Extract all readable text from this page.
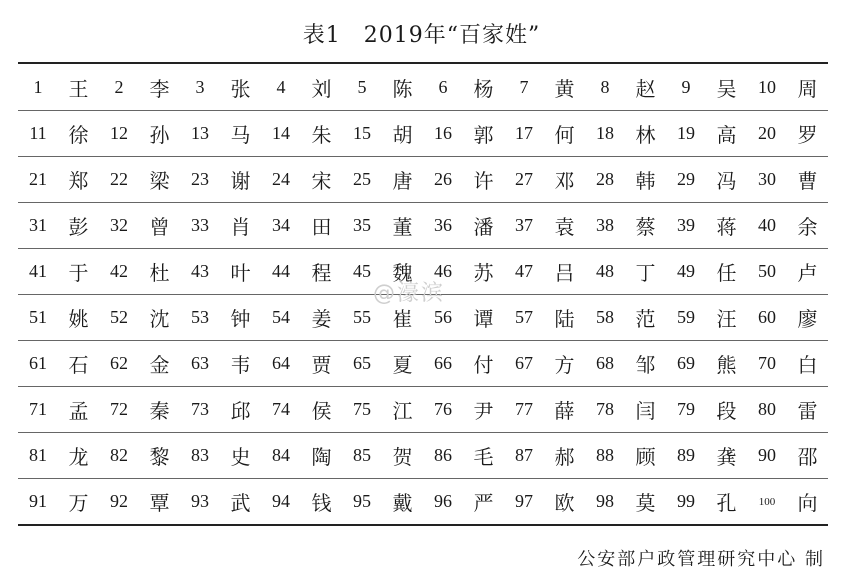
表1　2019年“百家姓”
1	王	2	李	3	张	4	刘	5	陈	6	杨	7	黄	8	赵	9	吴	10	周
11	徐	12	孙	13	马	14	朱	15	胡	16	郭	17	何	18	林	19	高	20	罗
21	郑	22	梁	23	谢	24	宋	25	唐	26	许	27	邓	28	韩	29	冯	30	曹
31	彭	32	曾	33	肖	34	田	35	董	36	潘	37	袁	38	蔡	39	蒋	40	余
41	于	42	杜	43	叶	44	程	45	魏	46	苏	47	吕	48	丁	49	任	50	卢
51	姚	52	沈	53	钟	54	姜	55	崔	56	谭	57	陆	58	范	59	汪	60	廖
61	石	62	金	63	韦	64	贾	65	夏	66	付	67	方	68	邹	69	熊	70	白
71	孟	72	秦	73	邱	74	侯	75	江	76	尹	77	薛	78	闫	79	段	80	雷
81	龙	82	黎	83	史	84	陶	85	贺	86	毛	87	郝	88	顾	89	龚	90	邵
91	万	92	覃	93	武	94	钱	95	戴	96	严	97	欧	98	莫	99	孔	100	向
@濠滨
公安部户政管理研究中心 制
